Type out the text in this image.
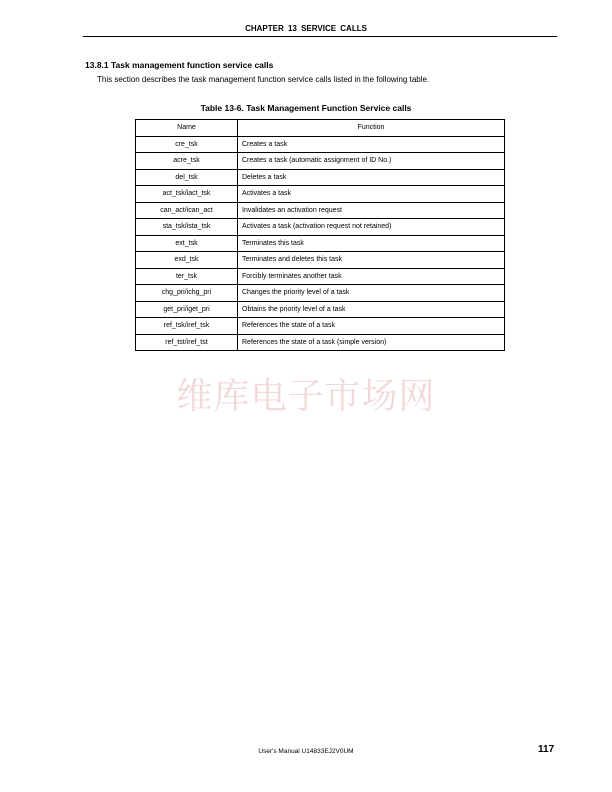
CHAPTER 13 SERVICE CALLS
13.8.1 Task management function service calls
This section describes the task management function service calls listed in the following table.
Table 13-6. Task Management Function Service calls
Name	Function
cre_tsk	Creates a task
acre_tsk	Creates a task (automatic assignment of ID No.)
del_tsk	Deletes a task
act_tsk/iact_tsk	Activates a task
can_act/ican_act	Invalidates an activation request
sta_tsk/ista_tsk	Activates a task (activation request not retained)
ext_tsk	Terminates this task
exd_tsk	Terminates and deletes this task
ter_tsk	Forcibly terminates another task
chg_pri/ichg_pri	Changes the priority level of a task
get_pri/iget_pri	Obtains the priority level of a task
ref_tsk/iref_tsk	References the state of a task
ref_tst/iref_tst	References the state of a task (simple version)
维库电子市场网
User's Manual U14833EJ2V0UM	117
